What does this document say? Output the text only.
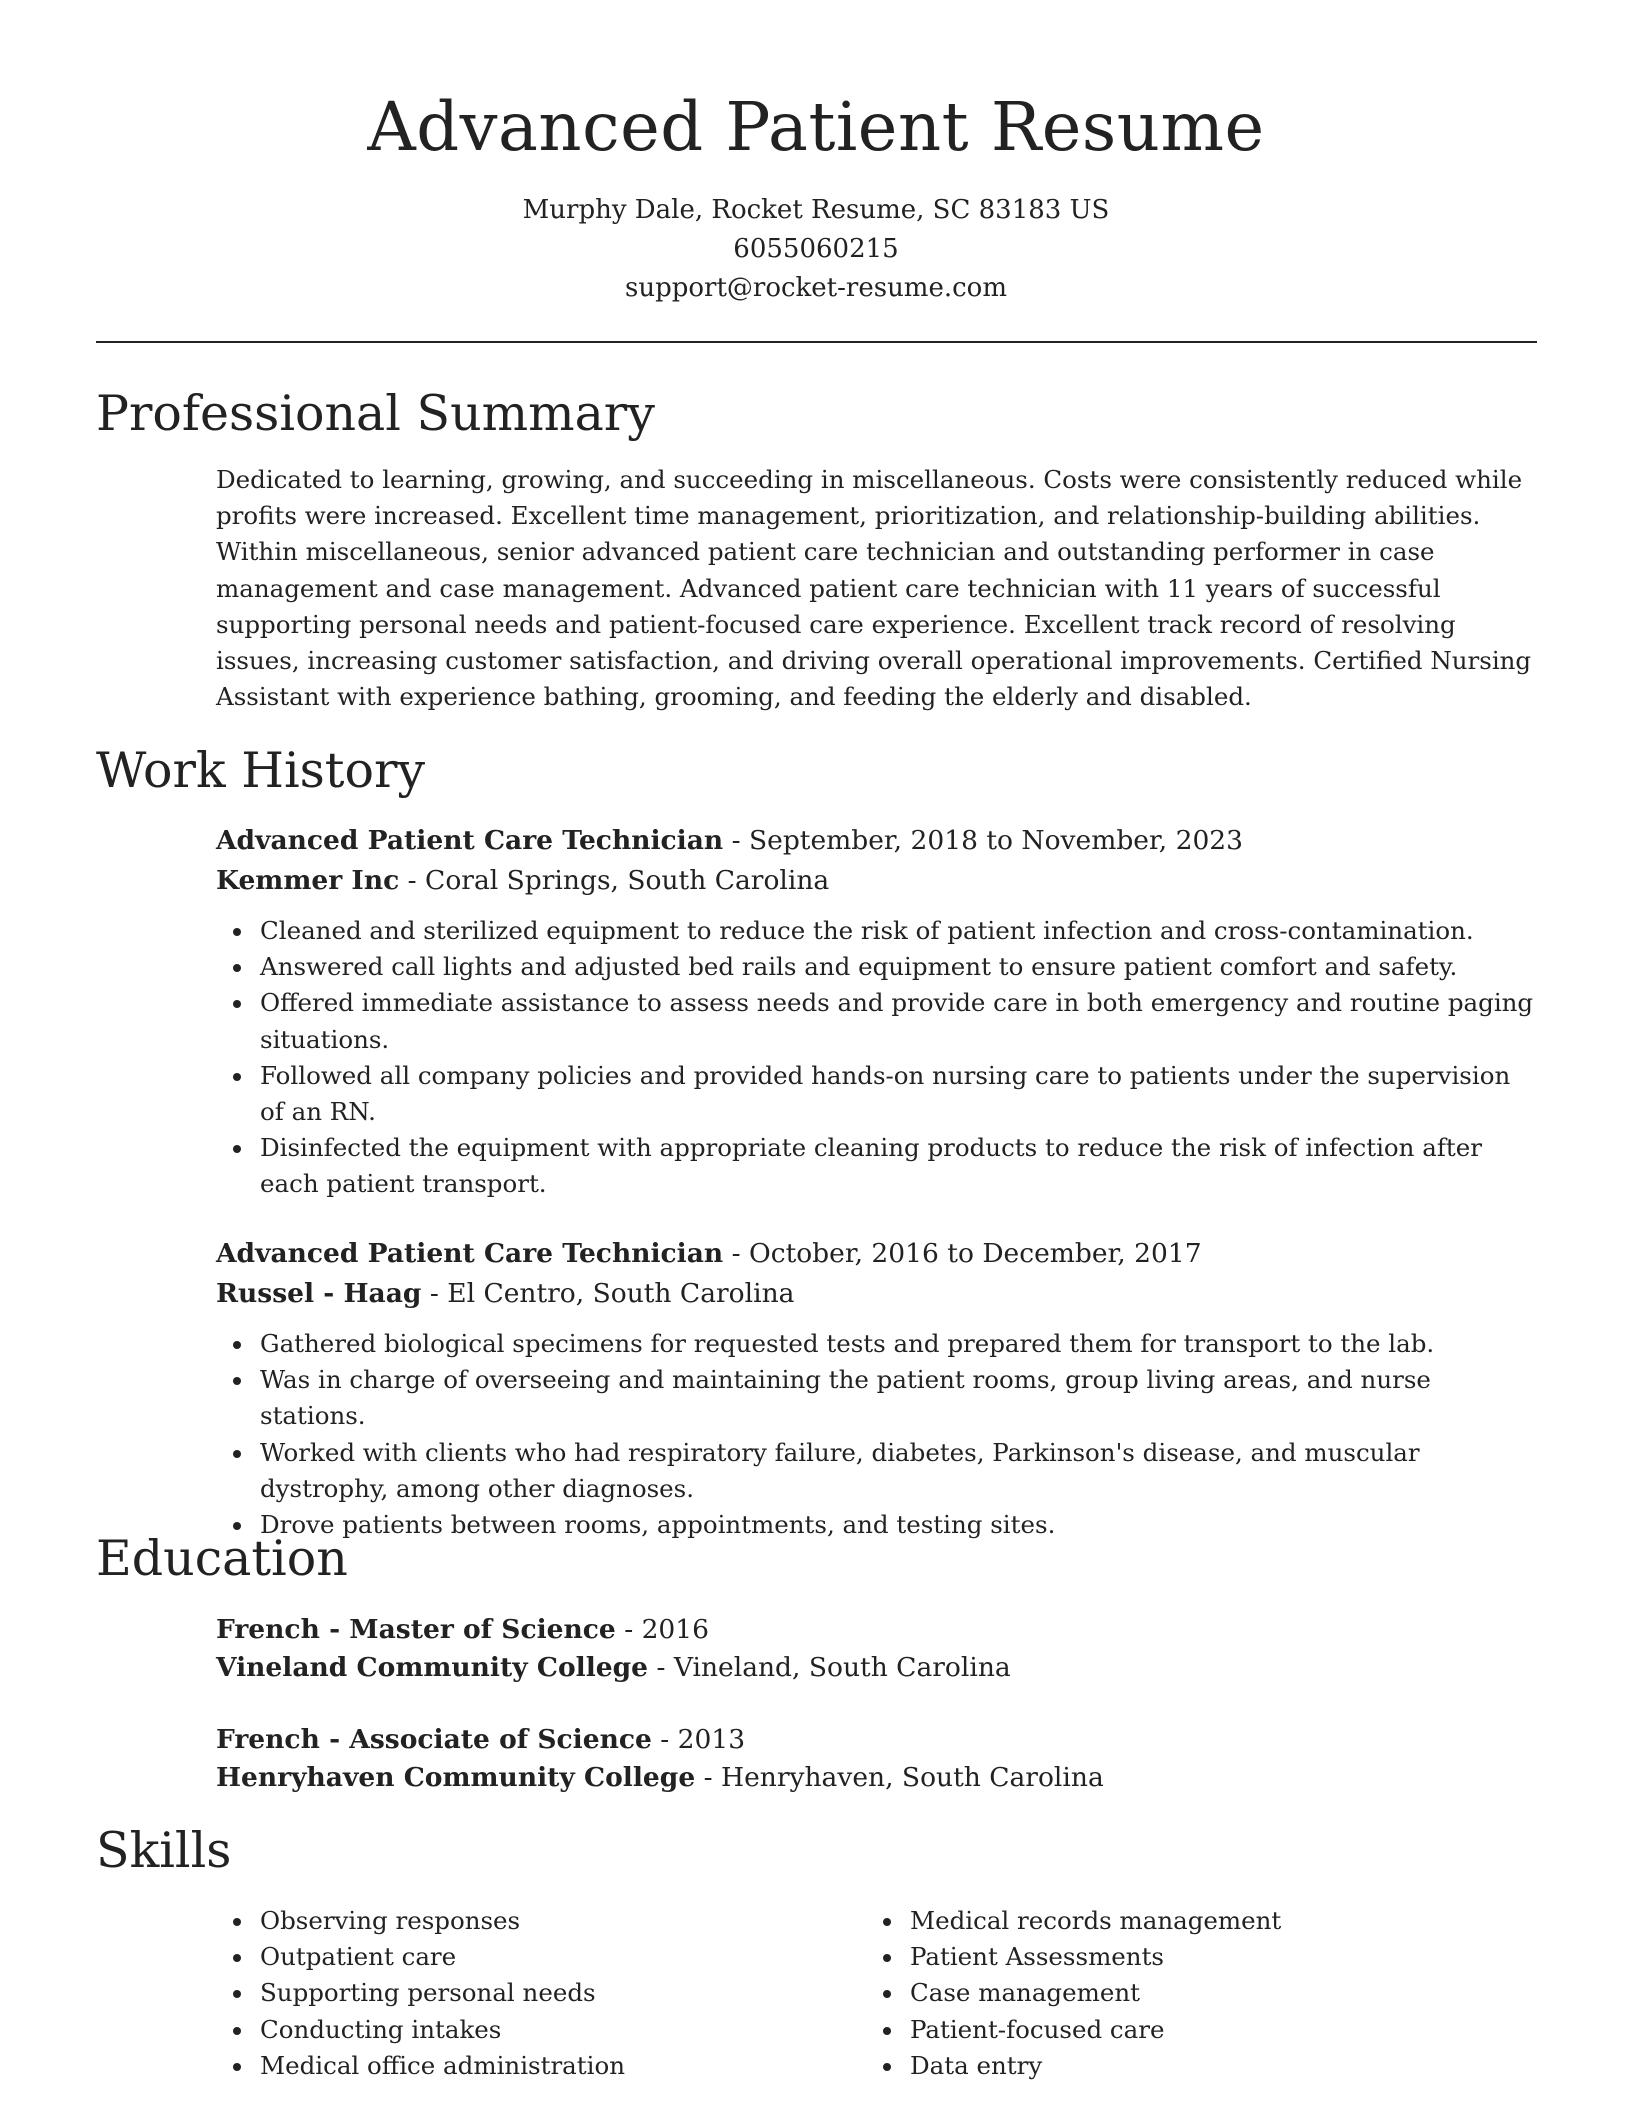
Advanced Patient Resume
Murphy Dale, Rocket Resume, SC 83183 US
6055060215
support@rocket-resume.com
Professional Summary

Dedicated to learning, growing, and succeeding in miscellaneous. Costs were consistently reduced while profits were increased. Excellent time management, prioritization, and relationship-building abilities. Within miscellaneous, senior advanced patient care technician and outstanding performer in case management and case management. Advanced patient care technician with 11 years of successful supporting personal needs and patient-focused care experience. Excellent track record of resolving issues, increasing customer satisfaction, and driving overall operational improvements. Certified Nursing Assistant with experience bathing, grooming, and feeding the elderly and disabled.

Work History
Advanced Patient Care Technician - September, 2018 to November, 2023
Kemmer Inc - Coral Springs, South Carolina
Cleaned and sterilized equipment to reduce the risk of patient infection and cross-contamination.
Answered call lights and adjusted bed rails and equipment to ensure patient comfort and safety.
Offered immediate assistance to assess needs and provide care in both emergency and routine paging situations.
Followed all company policies and provided hands-on nursing care to patients under the supervision of an RN.
Disinfected the equipment with appropriate cleaning products to reduce the risk of infection after each patient transport.
Advanced Patient Care Technician - October, 2016 to December, 2017
Russel - Haag - El Centro, South Carolina
Gathered biological specimens for requested tests and prepared them for transport to the lab.
Was in charge of overseeing and maintaining the patient rooms, group living areas, and nurse stations.
Worked with clients who had respiratory failure, diabetes, Parkinson's disease, and muscular dystrophy, among other diagnoses.
Drove patients between rooms, appointments, and testing sites.
Education
French - Master of Science - 2016
Vineland Community College - Vineland, South Carolina
French - Associate of Science - 2013
Henryhaven Community College - Henryhaven, South Carolina
Skills
Observing responses
Outpatient care
Supporting personal needs
Conducting intakes
Medical office administration
Medical records management
Patient Assessments
Case management
Patient-focused care
Data entry
